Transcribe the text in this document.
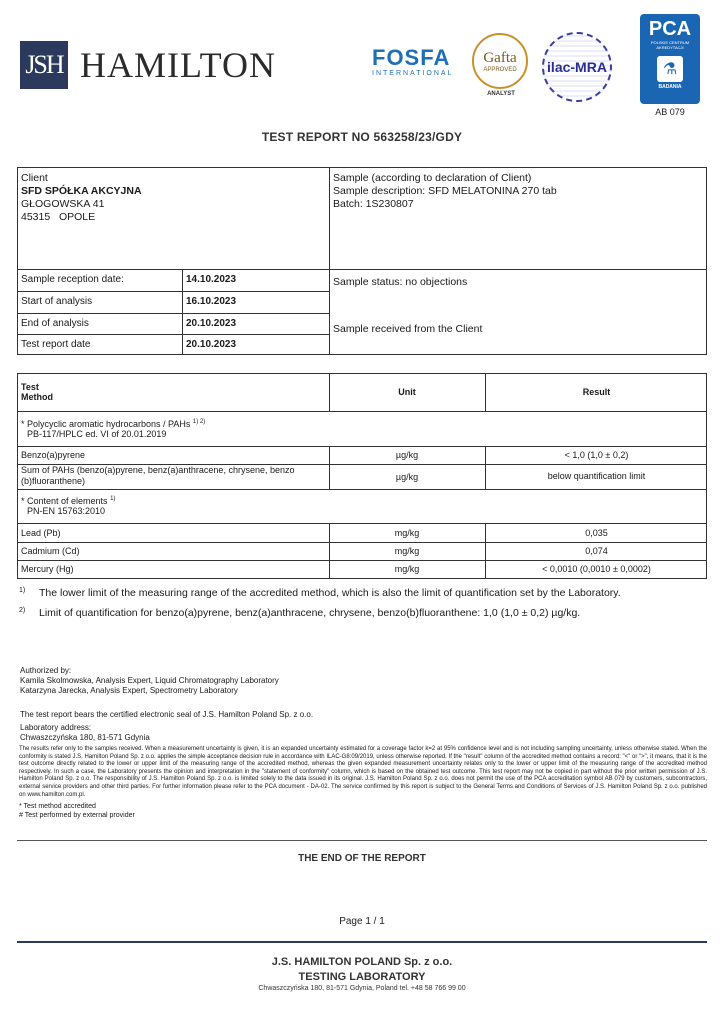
JSH HAMILTON	FOSFA
INTERNATIONAL
Gafta
APPROVED
ANALYST
ilac-MRA
PCA
POLSKIE CENTRUM AKREDYTACJI
⚗
BADANIA
AB 079
TEST REPORT NO 563258/23/GDY
Client
SFD SPÓŁKA AKCYJNA
GŁOGOWSKA 41
45315   OPOLE
Sample (according to declaration of Client)
Sample description: SFD MELATONINA 270 tab
Batch: 1S230807
Sample status: no objections
Sample received from the Client
Sample reception date:	14.10.2023
Start of analysis	16.10.2023
End of analysis	20.10.2023
Test report date	20.10.2023
Test
Method	Unit	Result
* Polycyclic aromatic hydrocarbons / PAHs $^{1) 2)}$
PB-117/HPLC ed. VI of 20.01.2019
Benzo(a)pyrene	µg/kg	< 1,0 (1,0 ± 0,2)
Sum of PAHs (benzo(a)pyrene, benz(a)anthracene, chrysene, benzo
(b)fluoranthene)	µg/kg	below quantification limit
* Content of elements $^{1)}$
PN-EN 15763:2010
Lead (Pb)	mg/kg	0,035
Cadmium (Cd)	mg/kg	0,074
Mercury (Hg)	mg/kg	< 0,0010 (0,0010 ± 0,0002)
1) The lower limit of the measuring range of the accredited method, which is also the limit of quantification set by the Laboratory.
2) Limit of quantification for benzo(a)pyrene, benz(a)anthracene, chrysene, benzo(b)fluoranthene: 1,0 (1,0 ± 0,2) µg/kg.
Authorized by:
Kamila Skolmowska, Analysis Expert, Liquid Chromatography Laboratory
Katarzyna Jarecka, Analysis Expert, Spectrometry Laboratory
The test report bears the certified electronic seal of J.S. Hamilton Poland Sp. z o.o.
Laboratory address:
Chwaszczyńska 180, 81-571 Gdynia
The results refer only to the samples received. When a measurement uncertainty is given, it is an expanded uncertainty estimated for a coverage factor k=2 at 95% confidence level and is not including sampling uncertainty, unless otherwise stated. When the conformity is stated J.S. Hamilton Poland Sp. z o.o. applies the simple acceptance decision rule in accordance with ILAC-G8:09/2019, unless otherwise reported. If the "result" column of the accredited method contains a record: "<" or ">", it means, that it is the test outcome directly related to the lower or upper limit of the measuring range of the accredited method, whereas the given expanded measurement uncertainty relates only to the lower or upper limit of the measuring range of the accredited method respectively. In such a case, the Laboratory presents the opinion and interpretation in the "statement of conformity" column, which is based on the obtained test outcome. This test report may not be copied in part without the prior written permission of J.S. Hamilton Poland Sp. z o.o. The responsibility of J.S. Hamilton Poland Sp. z o.o. is limited solely to the data issued in its original. J.S. Hamilton Poland Sp. z o.o. does not permit the use of the PCA accreditation symbol AB 079 by customers, subcontractors, external service providers and other third parties. For further information please refer to the PCA document - DA-02. The service confirmed by this report is subject to the General Terms and Conditions of Services of J.S. Hamilton Poland Sp. z o.o. published on www.hamilton.com.pl.
* Test method accredited
# Test performed by external provider
THE END OF THE REPORT
Page 1 / 1
J.S. HAMILTON POLAND Sp. z o.o.
TESTING LABORATORY
Chwaszczyńska 180, 81-571 Gdynia, Poland tel. +48 58 766 99 00
